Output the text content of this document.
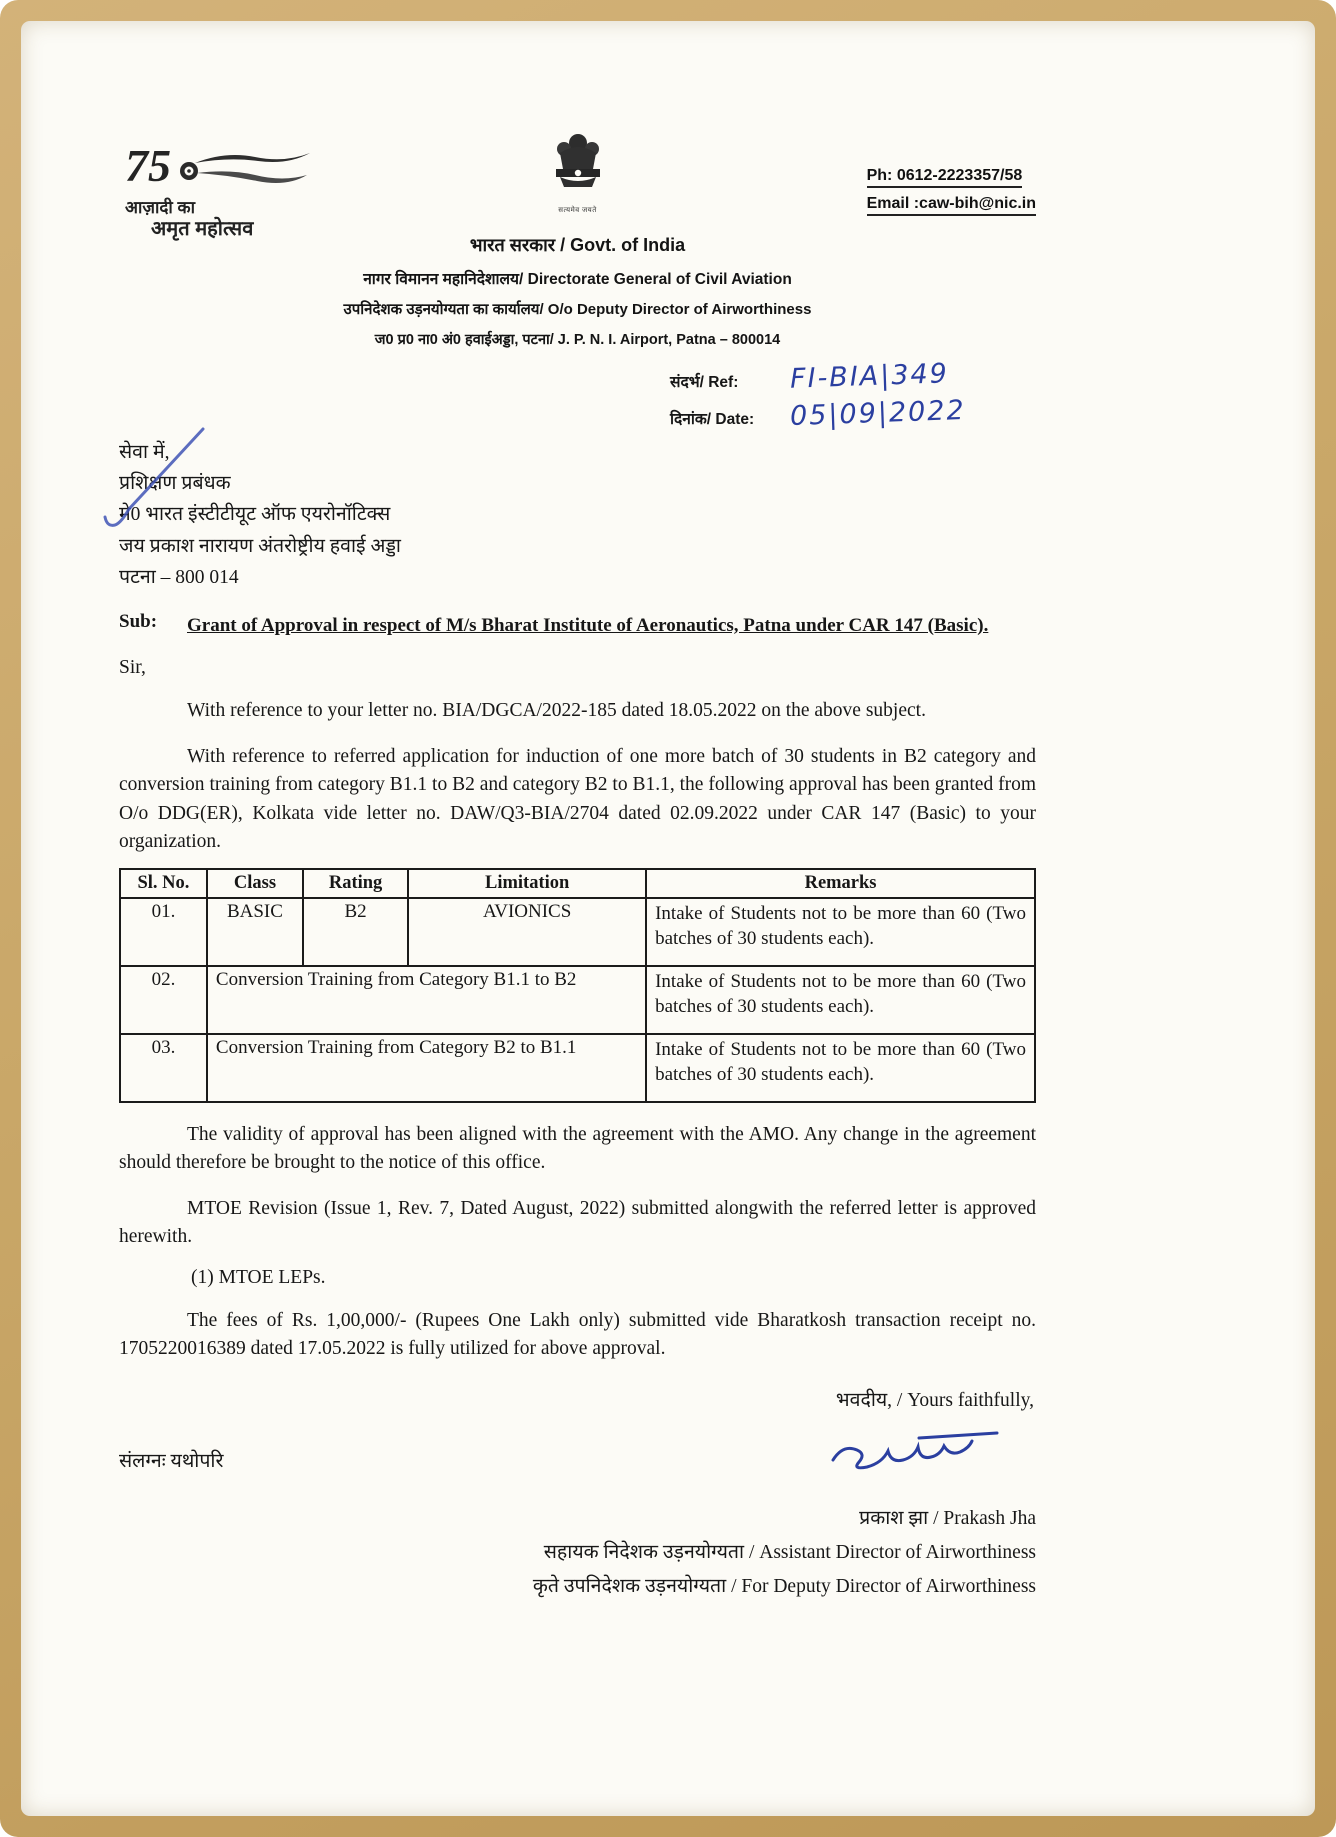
75
आज़ादी का
अमृत महोत्सव
सत्यमेव जयते
Ph: 0612-2223357/58
Email :caw-bih@nic.in
भारत सरकार / Govt. of India
नागर विमानन महानिदेशालय/ Directorate General of Civil Aviation
उपनिदेशक उड़नयोग्यता का कार्यालय/ O/o Deputy Director of Airworthiness
ज0 प्र0 ना0 अं0 हवाईअड्डा, पटना/ J. P. N. I. Airport, Patna – 800014
संदर्भ/ Ref:	FI-BIA|349
दिनांक/ Date:	05|09|2022
सेवा में,
प्रशिक्षण प्रबंधक
मे0 भारत इंस्टीटीयूट ऑफ एयरोनॉटिक्स
जय प्रकाश नारायण अंतरोष्ट्रीय हवाई अड्डा
पटना – 800 014
Sub:	Grant of Approval in respect of M/s Bharat Institute of Aeronautics, Patna under CAR 147 (Basic).
Sir,
With reference to your letter no. BIA/DGCA/2022-185 dated 18.05.2022 on the above subject.
With reference to referred application for induction of one more batch of 30 students in B2 category and conversion training from category B1.1 to B2 and category B2 to B1.1, the following approval has been granted from O/o DDG(ER), Kolkata vide letter no. DAW/Q3-BIA/2704 dated 02.09.2022 under CAR 147 (Basic) to your organization.
Sl. No.	Class	Rating	Limitation	Remarks
01.	BASIC	B2	AVIONICS	Intake of Students not to be more than 60 (Two batches of 30 students each).
02.	Conversion Training from Category B1.1 to B2			Intake of Students not to be more than 60 (Two batches of 30 students each).
03.	Conversion Training from Category B2 to B1.1			Intake of Students not to be more than 60 (Two batches of 30 students each).
The validity of approval has been aligned with the agreement with the AMO. Any change in the agreement should therefore be brought to the notice of this office.
MTOE Revision (Issue 1, Rev. 7, Dated August, 2022) submitted alongwith the referred letter is approved herewith.
(1) MTOE LEPs.
The fees of Rs. 1,00,000/- (Rupees One Lakh only) submitted vide Bharatkosh transaction receipt no. 1705220016389 dated 17.05.2022 is fully utilized for above approval.
भवदीय, / Yours faithfully,
संलग्नः यथोपरि
प्रकाश झा / Prakash Jha
सहायक निदेशक उड़नयोग्यता / Assistant Director of Airworthiness
कृते उपनिदेशक उड़नयोग्यता / For Deputy Director of Airworthiness
